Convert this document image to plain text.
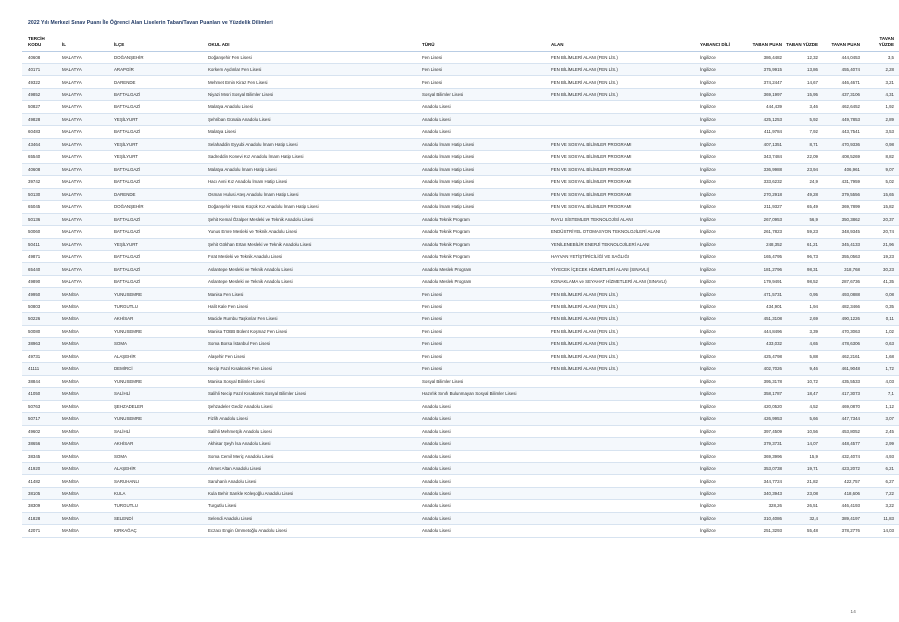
2022 Yılı Merkezi Sınav Puanı İle Öğrenci Alan Liselerin Taban/Tavan Puanları ve Yüzdelik Dilimleri
TERCİH KODU	İL	İLÇE	OKUL ADI	TÜRÜ	ALAN	YABANCI DİLİ	TABAN PUAN	TABAN YÜZDE	TAVAN PUAN	TAVAN YÜZDE
40608	MALATYA	DOĞANŞEHİR	Doğanşehir Fen Lisesi	Fen Lisesi	FEN BİLİMLERİ ALANI (FEN LİS.)	İngilizce	386,4482	12,32	444,0453	3,5
40171	MALATYA	ARAPGİR	Korkem Aydınlar Fen Lisesi	Fen Lisesi	FEN BİLİMLERİ ALANI (FEN LİS.)	İngilizce	375,9915	13,86	455,4074	2,28
49322	MALATYA	DARENDE	Mehmet Emin Kiraz Fen Lisesi	Fen Lisesi	FEN BİLİMLERİ ALANI (FEN LİS.)	İngilizce	374,2447	14,67	446,4671	3,21
49852	MALATYA	BATTALGAZİ	Niyazi Mısri Sosyal Bilimler Lisesi	Sosyal Bilimler Lisesi	FEN BİLİMLERİ ALANI (FEN LİS.)	İngilizce	369,1997	15,95	437,3106	4,31
50827	MALATYA	BATTALGAZİ	Malatya Anadolu Lisesi	Anadolu Lisesi		İngilizce	444,439	3,46	462,6452	1,92
49828	MALATYA	YEŞİLYURT	Şehriban Günala Anadolu Lisesi	Anadolu Lisesi		İngilizce	425,1253	5,92	449,7853	2,89
60483	MALATYA	BATTALGAZİ	Malatya Lisesi	Anadolu Lisesi		İngilizce	411,9784	7,92	443,7541	3,53
43464	MALATYA	YEŞİLYURT	Selahaddin Eyyubi Anadolu İmam Hatip Lisesi	Anadolu İmam Hatip Lisesi	FEN VE SOSYAL BİLİMLER PROGRAMI	İngilizce	407,1351	8,71	470,9336	0,98
65540	MALATYA	YEŞİLYURT	Sadreddin Konevi Kız Anadolu İmam Hatip Lisesi	Anadolu İmam Hatip Lisesi	FEN VE SOSYAL BİLİMLER PROGRAMI	İngilizce	343,7484	22,09	408,5269	8,82
40608	MALATYA	BATTALGAZİ	Malatya Anadolu İmam Hatip Lisesi	Anadolu İmam Hatip Lisesi	FEN VE SOSYAL BİLİMLER PROGRAMI	İngilizce	336,9988	23,94	406,961	9,07
39742	MALATYA	BATTALGAZİ	Hacı Avni Kız Anadolu İmam Hatip Lisesi	Anadolu İmam Hatip Lisesi	FEN VE SOSYAL BİLİMLER PROGRAMI	İngilizce	333,6232	24,9	431,7959	5,02
50130	MALATYA	DARENDE	Osman Hulusi Ateş Anadolu İmam Hatip Lisesi	Anadolu İmam Hatip Lisesi	FEN VE SOSYAL BİLİMLER PROGRAMI	İngilizce	270,2918	49,28	379,5556	15,65
65045	MALATYA	DOĞANŞEHİR	Doğanşehir Hüsnü Küçük Kız Anadolu İmam Hatip Lisesi	Anadolu İmam Hatip Lisesi	FEN VE SOSYAL BİLİMLER PROGRAMI	İngilizce	211,9327	65,49	369,7899	15,82
50136	MALATYA	BATTALGAZİ	Şehit Kemal Özalper Mesleki ve Teknik Anadolu Lisesi	Anadolu Teknik Program	RAYLI SİSTEMLER TEKNOLOJİSİ ALANI	İngilizce	267,0953	56,9	350,3862	20,37
50060	MALATYA	BATTALGAZİ	Yunus Emre Mesleki ve Teknik Anadolu Lisesi	Anadolu Teknik Program	ENDÜSTRİYEL OTOMASYON TEKNOLOJİLERİ ALANI	İngilizce	261,7823	59,23	348,9345	20,74
50411	MALATYA	YEŞİLYURT	Şehit Gökhan Ertan Mesleki ve Teknik Anadolu Lisesi	Anadolu Teknik Program	YENİLENEBİLİR ENERJİ TEKNOLOJİLERİ ALANI	İngilizce	248,352	61,21	345,4133	21,96
49871	MALATYA	BATTALGAZİ	Fırat Mesleki ve Teknik Anadolu Lisesi	Anadolu Teknik Program	HAYVAN YETİŞTİRİCİLİĞİ VE SAĞLIĞI	İngilizce	165,4795	96,73	355,0563	19,23
65440	MALATYA	BATTALGAZİ	Aslantepe Mesleki ve Teknik Anadolu Lisesi	Anadolu Meslek Program	YİYECEK İÇECEK HİZMETLERİ ALANI (SINAVLI)	İngilizce	181,2796	98,31	318,768	30,23
49890	MALATYA	BATTALGAZİ	Aslantepe Mesleki ve Teknik Anadolu Lisesi	Anadolu Meslek Program	KONAKLAMA ve SEYAHAT HİZMETLERİ ALANI (SINAVLI)	İngilizce	179,9491	98,52	287,6736	41,35
49950	MANİSA	YUNUSEMRE	Manisa Fen Lisesi	Fen Lisesi	FEN BİLİMLERİ ALANI (FEN LİS.)	İngilizce	471,5731	0,95	493,0888	0,08
50803	MANİSA	TURGUTLU	Halit Kale Fen Lisesi	Fen Lisesi	FEN BİLİMLERİ ALANI (FEN LİS.)	İngilizce	434,901	1,94	482,3466	0,35
50226	MANİSA	AKHİSAR	Macide Rumbu Taşkınlar Fen Lisesi	Fen Lisesi	FEN BİLİMLERİ ALANI (FEN LİS.)	İngilizce	451,3108	2,69	490,1226	0,11
50080	MANİSA	YUNUSEMRE	Manisa TOBB Bülent Koşmaz Fen Lisesi	Fen Lisesi	FEN BİLİMLERİ ALANI (FEN LİS.)	İngilizce	444,8496	3,39	470,3063	1,02
38963	MANİSA	SOMA	Soma Borsa İstanbul Fen Lisesi	Fen Lisesi	FEN BİLİMLERİ ALANI (FEN LİS.)	İngilizce	433,032	4,65	478,6306	0,63
49731	MANİSA	ALAŞEHİR	Alaşehir Fen Lisesi	Fen Lisesi	FEN BİLİMLERİ ALANI (FEN LİS.)	İngilizce	425,4798	5,88	462,2161	1,68
41111	MANİSA	DEMİRCİ	Necip Fazıl Kısakürek Fen Lisesi	Fen Lisesi	FEN BİLİMLERİ ALANI (FEN LİS.)	İngilizce	402,7026	9,46	461,9048	1,72
38844	MANİSA	YUNUSEMRE	Manisa Sosyal Bilimler Lisesi	Sosyal Bilimler Lisesi		İngilizce	395,3178	10,72	435,5533	4,03
41050	MANİSA	SALİHLİ	Salihli Necip Fazıl Kısakürek Sosyal Bilimler Lisesi	Hazırlık Sınıfı Bulunmayan Sosyal Bilimler Lisesi		İngilizce	358,1787	18,47	417,3073	7,1
50763	MANİSA	ŞEHZADELER	Şehzadeler Gediz Anadolu Lisesi	Anadolu Lisesi		İngilizce	420,0520	4,52	469,0870	1,12
50717	MANİSA	YUNUSEMRE	Fizlih Anadolu Lisesi	Anadolu Lisesi		İngilizce	426,9953	5,66	447,7344	3,07
49602	MANİSA	SALİHLİ	Salihli Mehmetçik Anadolu Lisesi	Anadolu Lisesi		İngilizce	397,4509	10,56	453,8052	2,45
38656	MANİSA	AKHİSAR	Akhisar Şeyh İsa Anadolu Lisesi	Anadolu Lisesi		İngilizce	379,3731	14,07	448,4577	2,99
38345	MANİSA	SOMA	Soma Cemil Meriç Anadolu Lisesi	Anadolu Lisesi		İngilizce	369,3996	15,9	432,4074	4,93
41920	MANİSA	ALAŞEHİR	Ahmet Altan Anadolu Lisesi	Anadolu Lisesi		İngilizce	353,0738	19,71	423,2072	6,21
41482	MANİSA	SARUHANLI	Saruhanlı Anadolu Lisesi	Anadolu Lisesi		İngilizce	344,7724	21,82	422,757	6,27
38105	MANİSA	KULA	Kula Behir Sarıkle Köleşoğlu Anadolu Lisesi	Anadolu Lisesi		İngilizce	340,3943	23,08	418,606	7,22
38309	MANİSA	TURGUTLU	Turgutlu Lisesi	Anadolu Lisesi		İngilizce	328,26	26,51	446,4193	3,22
41828	MANİSA	SELENDİ	Selendi Anadolu Lisesi	Anadolu Lisesi		İngilizce	310,4086	32,4	389,4197	11,83
42071	MANİSA	KIRKAĞAÇ	Eczacı Engin Ümmetoğlu Anadolu Lisesi	Anadolu Lisesi		İngilizce	251,3293	55,48	378,2776	14,03
14
